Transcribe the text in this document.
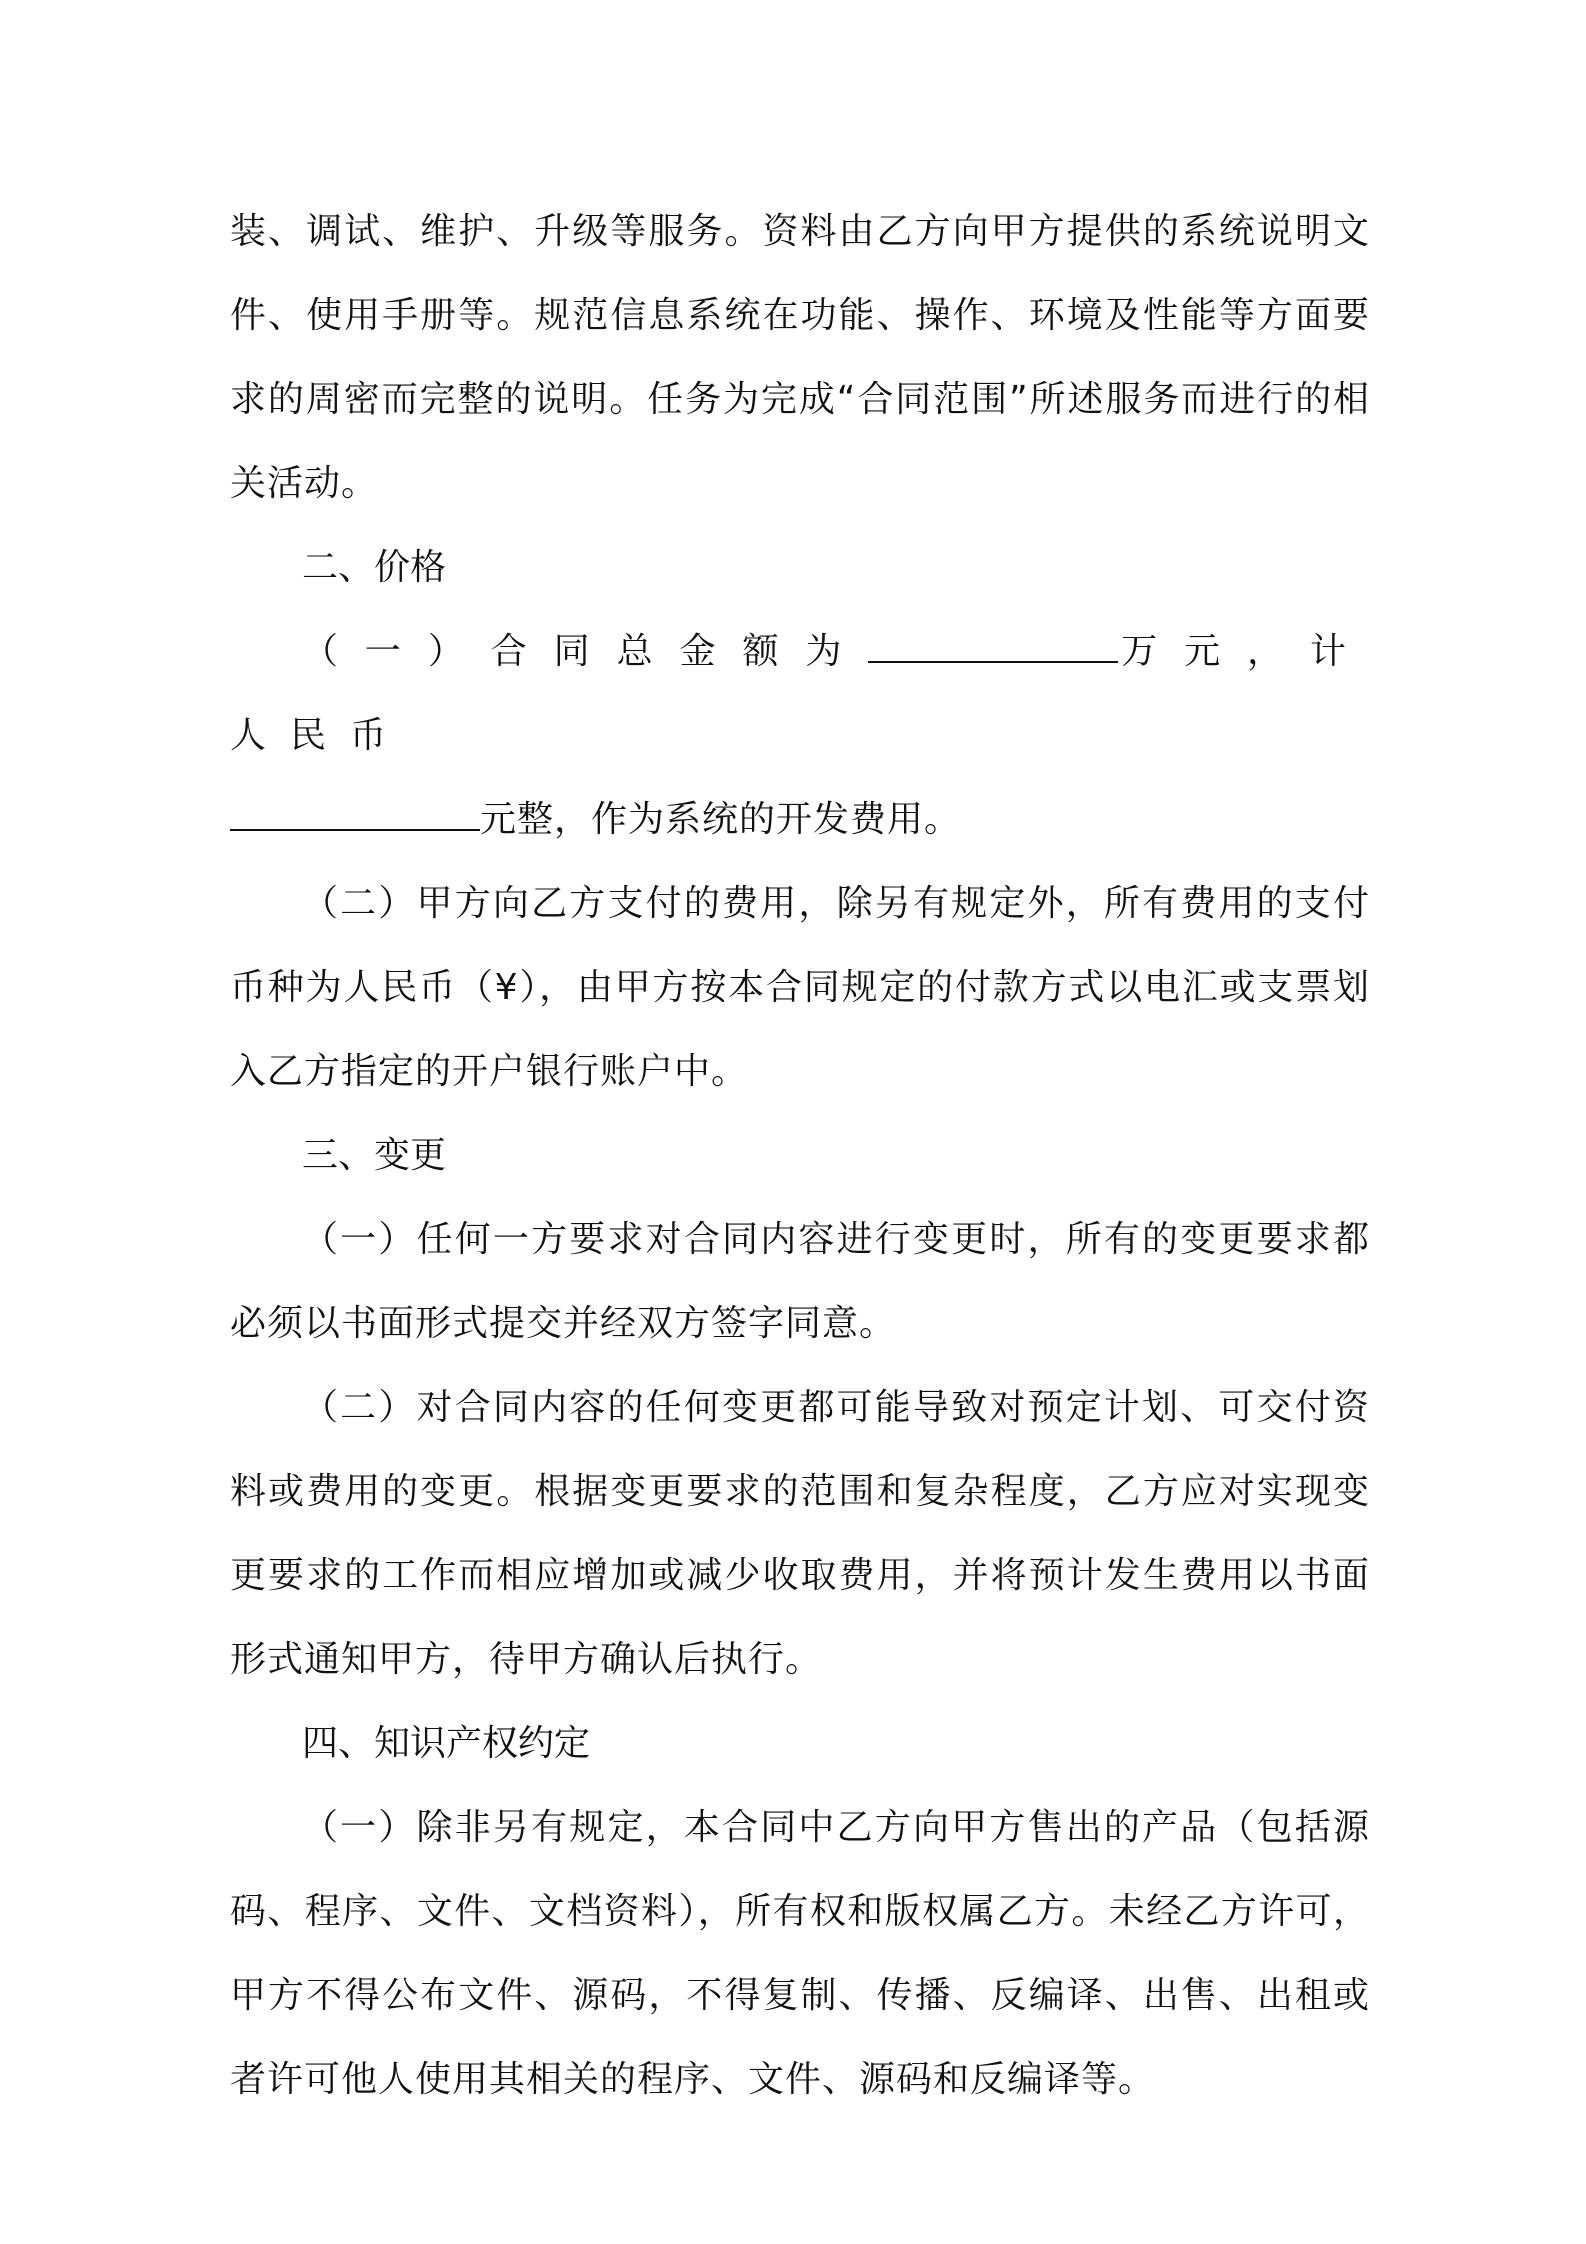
装、调试、维护、升级等服务。资料由乙方向甲方提供的系统说明文件、使用手册等。规范信息系统在功能、操作、环境及性能等方面要求的周密而完整的说明。任务为完成“合同范围”所述服务而进行的相关活动。

二、价格

（一）合同总金额为	万元，计人民币
元整，作为系统的开发费用。

（二）甲方向乙方支付的费用，除另有规定外，所有费用的支付币种为人民币（¥），由甲方按本合同规定的付款方式以电汇或支票划入乙方指定的开户银行账户中。

三、变更

（一）任何一方要求对合同内容进行变更时，所有的变更要求都必须以书面形式提交并经双方签字同意。

（二）对合同内容的任何变更都可能导致对预定计划、可交付资料或费用的变更。根据变更要求的范围和复杂程度，乙方应对实现变更要求的工作而相应增加或减少收取费用，并将预计发生费用以书面形式通知甲方，待甲方确认后执行。

四、知识产权约定

（一）除非另有规定，本合同中乙方向甲方售出的产品（包括源码、程序、文件、文档资料），所有权和版权属乙方。未经乙方许可，甲方不得公布文件、源码，不得复制、传播、反编译、出售、出租或者许可他人使用其相关的程序、文件、源码和反编译等。
